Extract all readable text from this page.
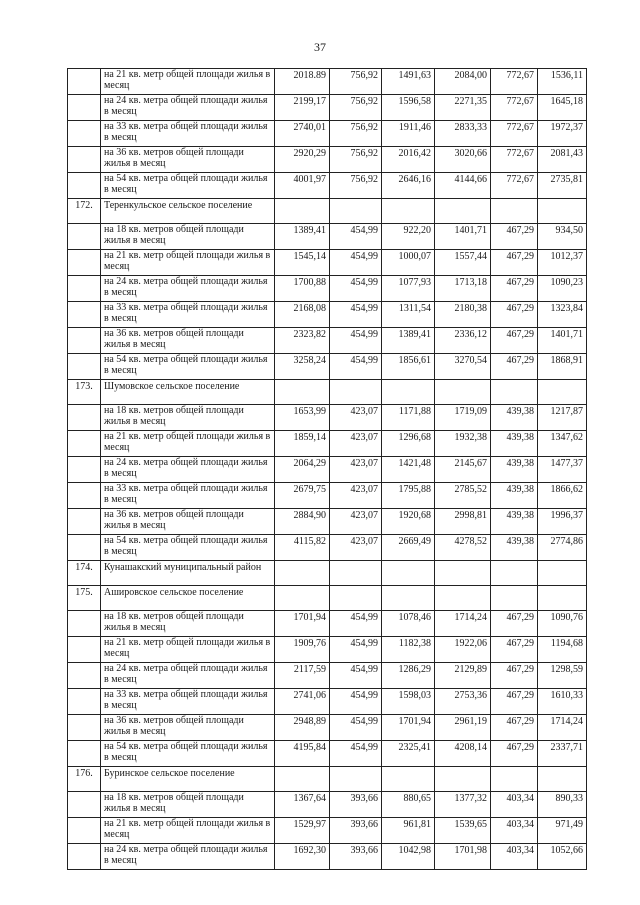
37
	на 21 кв. метр общей площади жилья в месяц	2018.89	756,92	1491,63	2084,00	772,67	1536,11
	на 24 кв. метра общей площади жилья в месяц	2199,17	756,92	1596,58	2271,35	772,67	1645,18
	на 33 кв. метра общей площади жилья в месяц	2740,01	756,92	1911,46	2833,33	772,67	1972,37
	на 36 кв. метров общей площади жилья в месяц	2920,29	756,92	2016,42	3020,66	772,67	2081,43
	на 54 кв. метра общей площади жилья в месяц	4001,97	756,92	2646,16	4144,66	772,67	2735,81
172.	Теренкульское сельское поселение						
	на 18 кв. метров общей площади жилья в месяц	1389,41	454,99	922,20	1401,71	467,29	934,50
	на 21 кв. метр общей площади жилья в месяц	1545,14	454,99	1000,07	1557,44	467,29	1012,37
	на 24 кв. метра общей площади жилья в месяц	1700,88	454,99	1077,93	1713,18	467,29	1090,23
	на 33 кв. метра общей площади жилья в месяц	2168,08	454,99	1311,54	2180,38	467,29	1323,84
	на 36 кв. метров общей площади жилья в месяц	2323,82	454,99	1389,41	2336,12	467,29	1401,71
	на 54 кв. метра общей площади жилья в месяц	3258,24	454,99	1856,61	3270,54	467,29	1868,91
173.	Шумовское сельское поселение						
	на 18 кв. метров общей площади жилья в месяц	1653,99	423,07	1171,88	1719,09	439,38	1217,87
	на 21 кв. метр общей площади жилья в месяц	1859,14	423,07	1296,68	1932,38	439,38	1347,62
	на 24 кв. метра общей площади жилья в месяц	2064,29	423,07	1421,48	2145,67	439,38	1477,37
	на 33 кв. метра общей площади жилья в месяц	2679,75	423,07	1795,88	2785,52	439,38	1866,62
	на 36 кв. метров общей площади жилья в месяц	2884,90	423,07	1920,68	2998,81	439,38	1996,37
	на 54 кв. метра общей площади жилья в месяц	4115,82	423,07	2669,49	4278,52	439,38	2774,86
174.	Кунашакский муниципальный район						
175.	Аширoвское сельское поселение						
	на 18 кв. метров общей площади жилья в месяц	1701,94	454,99	1078,46	1714,24	467,29	1090,76
	на 21 кв. метр общей площади жилья в месяц	1909,76	454,99	1182,38	1922,06	467,29	1194,68
	на 24 кв. метра общей площади жилья в месяц	2117,59	454,99	1286,29	2129,89	467,29	1298,59
	на 33 кв. метра общей площади жилья в месяц	2741,06	454,99	1598,03	2753,36	467,29	1610,33
	на 36 кв. метров общей площади жилья в месяц	2948,89	454,99	1701,94	2961,19	467,29	1714,24
	на 54 кв. метра общей площади жилья в месяц	4195,84	454,99	2325,41	4208,14	467,29	2337,71
176.	Буринское сельское поселение						
	на 18 кв. метров общей площади жилья в месяц	1367,64	393,66	880,65	1377,32	403,34	890,33
	на 21 кв. метр общей площади жилья в месяц	1529,97	393,66	961,81	1539,65	403,34	971,49
	на 24 кв. метра общей площади жилья в месяц	1692,30	393,66	1042,98	1701,98	403,34	1052,66
